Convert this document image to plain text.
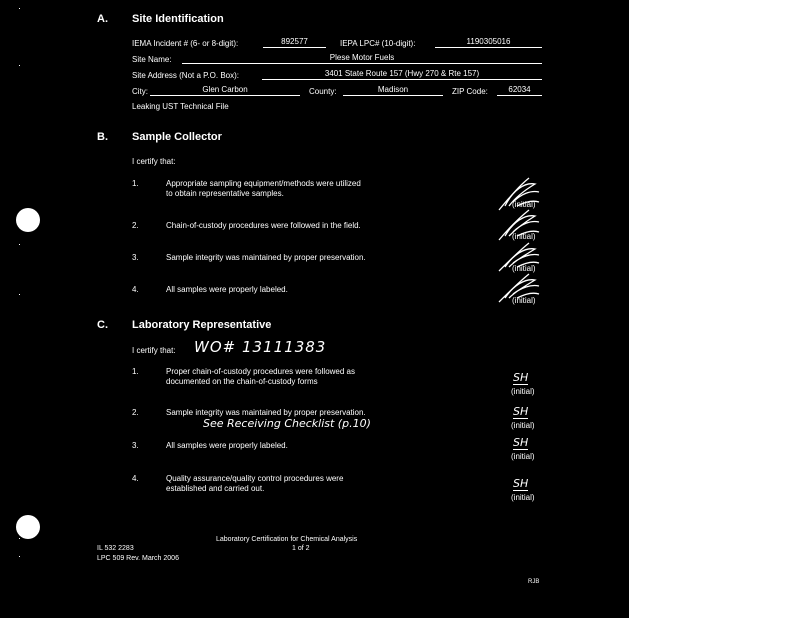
A. Site Identification
IEMA Incident # (6- or 8-digit):	892577	IEPA LPC# (10-digit):	1190305016
Site Name:	Plese Motor Fuels
Site Address (Not a P.O. Box):	3401 State Route 157 (Hwy 270 & Rte 157)
City:	Glen Carbon	County:	Madison	ZIP Code:	62034
Leaking UST Technical File
B. Sample Collector
I certify that:
1.	Appropriate sampling equipment/methods were utilized
to obtain representative samples.
(initial)
2.	Chain-of-custody procedures were followed in the field.
(initial)
3.	Sample integrity was maintained by proper preservation.
(initial)
4.	All samples were properly labeled.
(initial)
C. Laboratory Representative
I certify that: WO# 13111383
1.	Proper chain-of-custody procedures were followed as
documented on the chain-of-custody forms	SH
(initial)
2.	Sample integrity was maintained by proper preservation.
See Receiving Checklist (p.10)
SH
(initial)
3.	All samples were properly labeled.	SH
(initial)
4.	Quality assurance/quality control procedures were
established and carried out.	SH
(initial)
Laboratory Certification for Chemical Analysis
1 of 2
IL 532 2283
LPC 509 Rev. March 2006
RJB
